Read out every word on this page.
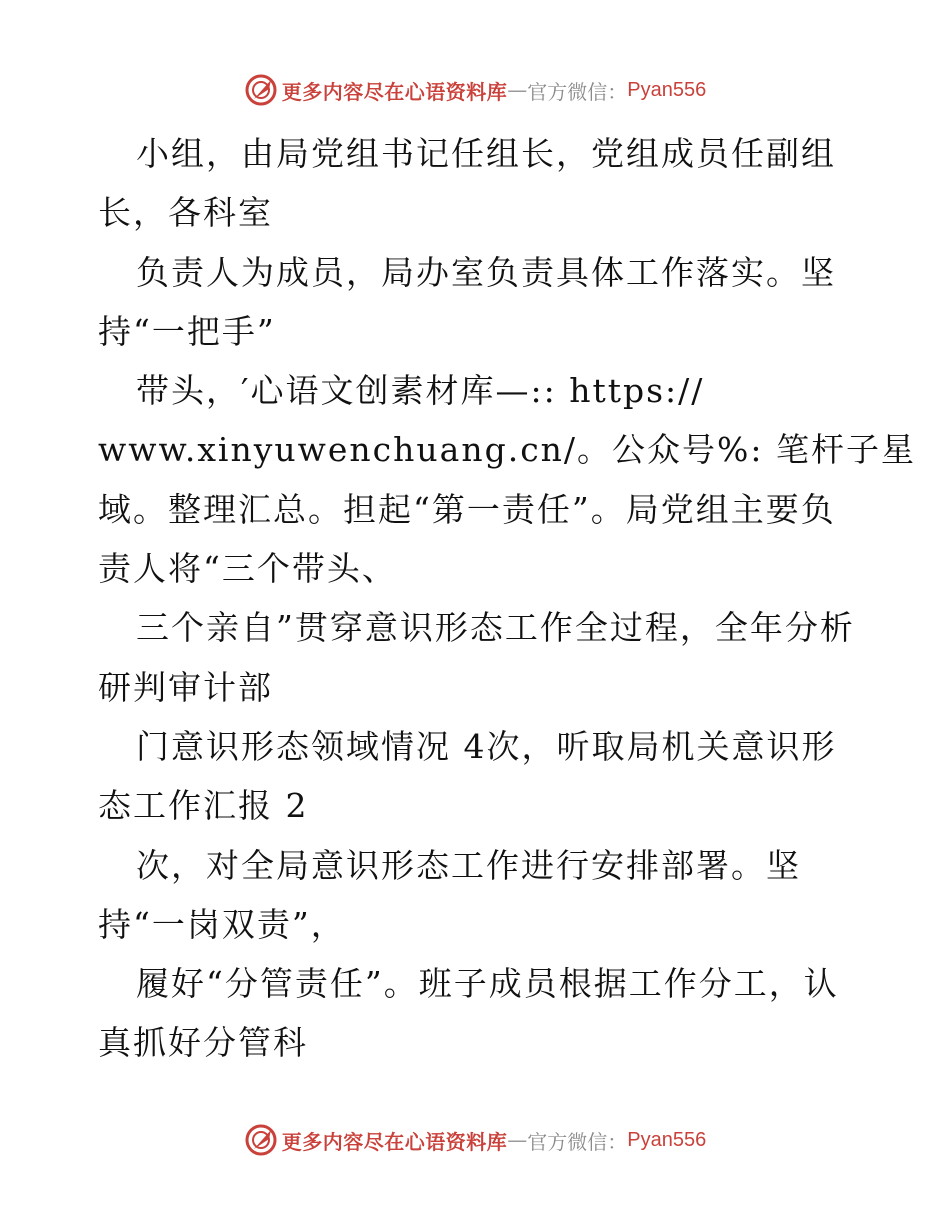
更多内容尽在心语资料库 — 官方微信： Pyan556
小组，由局党组书记任组长，党组成员任副组
长，各科室
负责人为成员，局办室负责具体工作落实。坚
持“一把手”
带头，′心语文创素材库—:: https://
www.xinyuwenchuang.cn/。公众号%: 笔杆子星
域。整理汇总。担起“第一责任”。局党组主要负
责人将“三个带头、
三个亲自”贯穿意识形态工作全过程，全年分析
研判审计部
门意识形态领域情况 4次，听取局机关意识形
态工作汇报 2
次，对全局意识形态工作进行安排部署。坚
持“一岗双责”，
履好“分管责任”。班子成员根据工作分工，认
真抓好分管科
更多内容尽在心语资料库 — 官方微信： Pyan556
